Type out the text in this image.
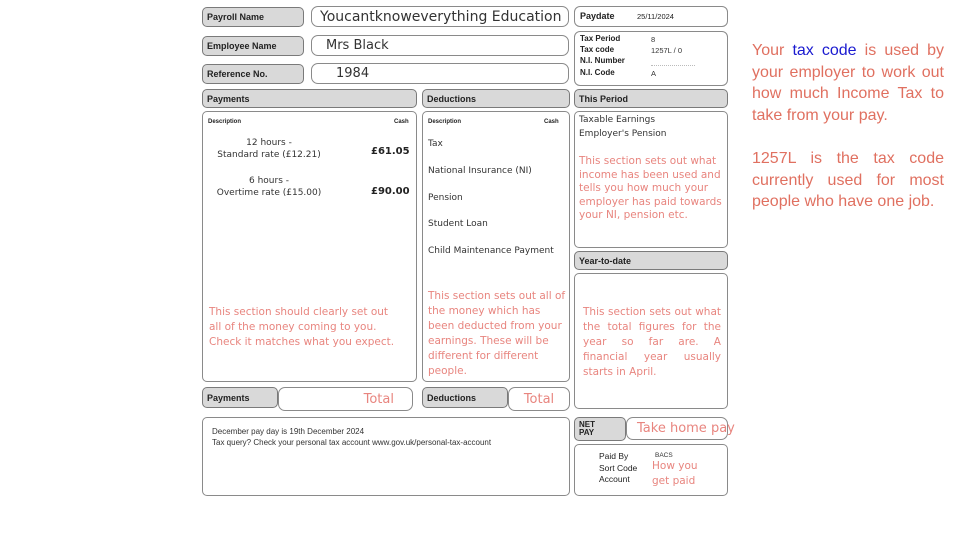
Payroll Name	Youcantknoweverything Education
Employee Name	Mrs Black
Reference No.	1984
Paydate	25/11/2024
Tax Period	8
Tax code	1257L / 0
N.I. Number
N.I. Code	A
Payments
Description	Cash
12 hours -
Standard rate (£12.21)	£61.05
6 hours -
Overtime rate (£15.00)	£90.00
This section should clearly set out all of the money coming to you. Check it matches what you expect.
Payments	Total
Deductions
Description	Cash
Tax
National Insurance (NI)
Pension
Student Loan
Child Maintenance Payment
This section sets out all of the money which has been deducted from your earnings. These will be different for different people.
Deductions	Total
This Period
Taxable Earnings
Employer's Pension
This section sets out what income has been used and tells you how much your employer has paid towards your NI, pension etc.
Year-to-date
This section sets out what the total figures for the year so far are. A financial year usually starts in April.
NET
PAY	Take home pay
Paid By	BACS
Sort Code
Account
How you
get paid
December pay day is 19th December 2024
Tax query? Check your personal tax account www.gov.uk/personal-tax-account

Your tax code is used by your employer to work out how much Income Tax to take from your pay.

1257L is the tax code currently used for most people who have one job.
